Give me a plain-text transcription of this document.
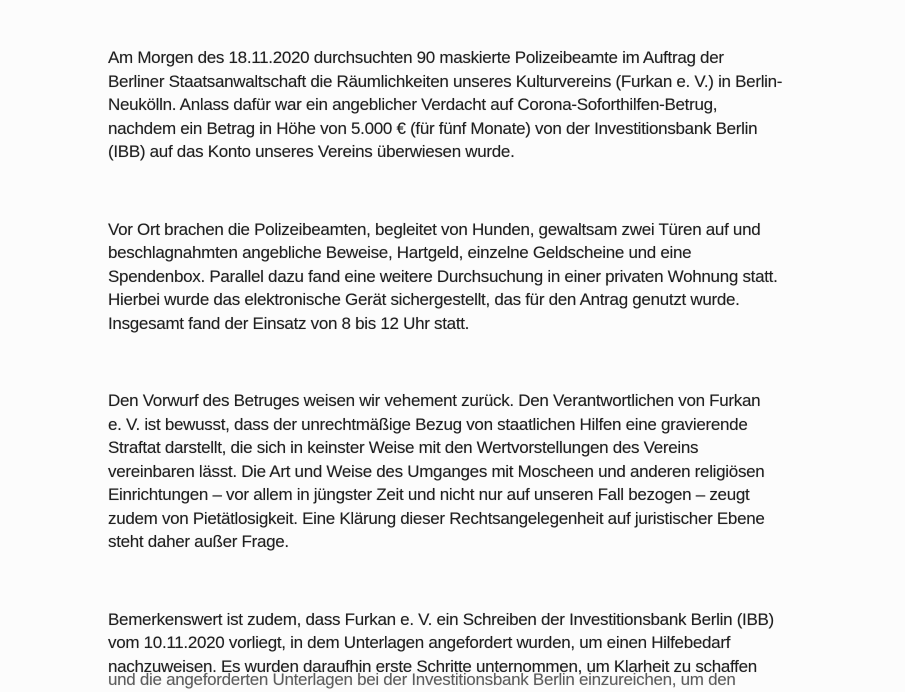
Am Morgen des 18.11.2020 durchsuchten 90 maskierte Polizeibeamte im Auftrag der
Berliner Staatsanwaltschaft die Räumlichkeiten unseres Kulturvereins (Furkan e. V.) in Berlin-
Neukölln. Anlass dafür war ein angeblicher Verdacht auf Corona-Soforthilfen-Betrug,
nachdem ein Betrag in Höhe von 5.000 € (für fünf Monate) von der Investitionsbank Berlin
(IBB) auf das Konto unseres Vereins überwiesen wurde.
Vor Ort brachen die Polizeibeamten, begleitet von Hunden, gewaltsam zwei Türen auf und
beschlagnahmten angebliche Beweise, Hartgeld, einzelne Geldscheine und eine
Spendenbox. Parallel dazu fand eine weitere Durchsuchung in einer privaten Wohnung statt.
Hierbei wurde das elektronische Gerät sichergestellt, das für den Antrag genutzt wurde.
Insgesamt fand der Einsatz von 8 bis 12 Uhr statt.
Den Vorwurf des Betruges weisen wir vehement zurück. Den Verantwortlichen von Furkan
e. V. ist bewusst, dass der unrechtmäßige Bezug von staatlichen Hilfen eine gravierende
Straftat darstellt, die sich in keinster Weise mit den Wertvorstellungen des Vereins
vereinbaren lässt. Die Art und Weise des Umganges mit Moscheen und anderen religiösen
Einrichtungen – vor allem in jüngster Zeit und nicht nur auf unseren Fall bezogen – zeugt
zudem von Pietätlosigkeit. Eine Klärung dieser Rechtsangelegenheit auf juristischer Ebene
steht daher außer Frage.
Bemerkenswert ist zudem, dass Furkan e. V. ein Schreiben der Investitionsbank Berlin (IBB)
vom 10.11.2020 vorliegt, in dem Unterlagen angefordert wurden, um einen Hilfebedarf
nachzuweisen. Es wurden daraufhin erste Schritte unternommen, um Klarheit zu schaffen
und die angeforderten Unterlagen bei der Investitionsbank Berlin einzureichen, um den
